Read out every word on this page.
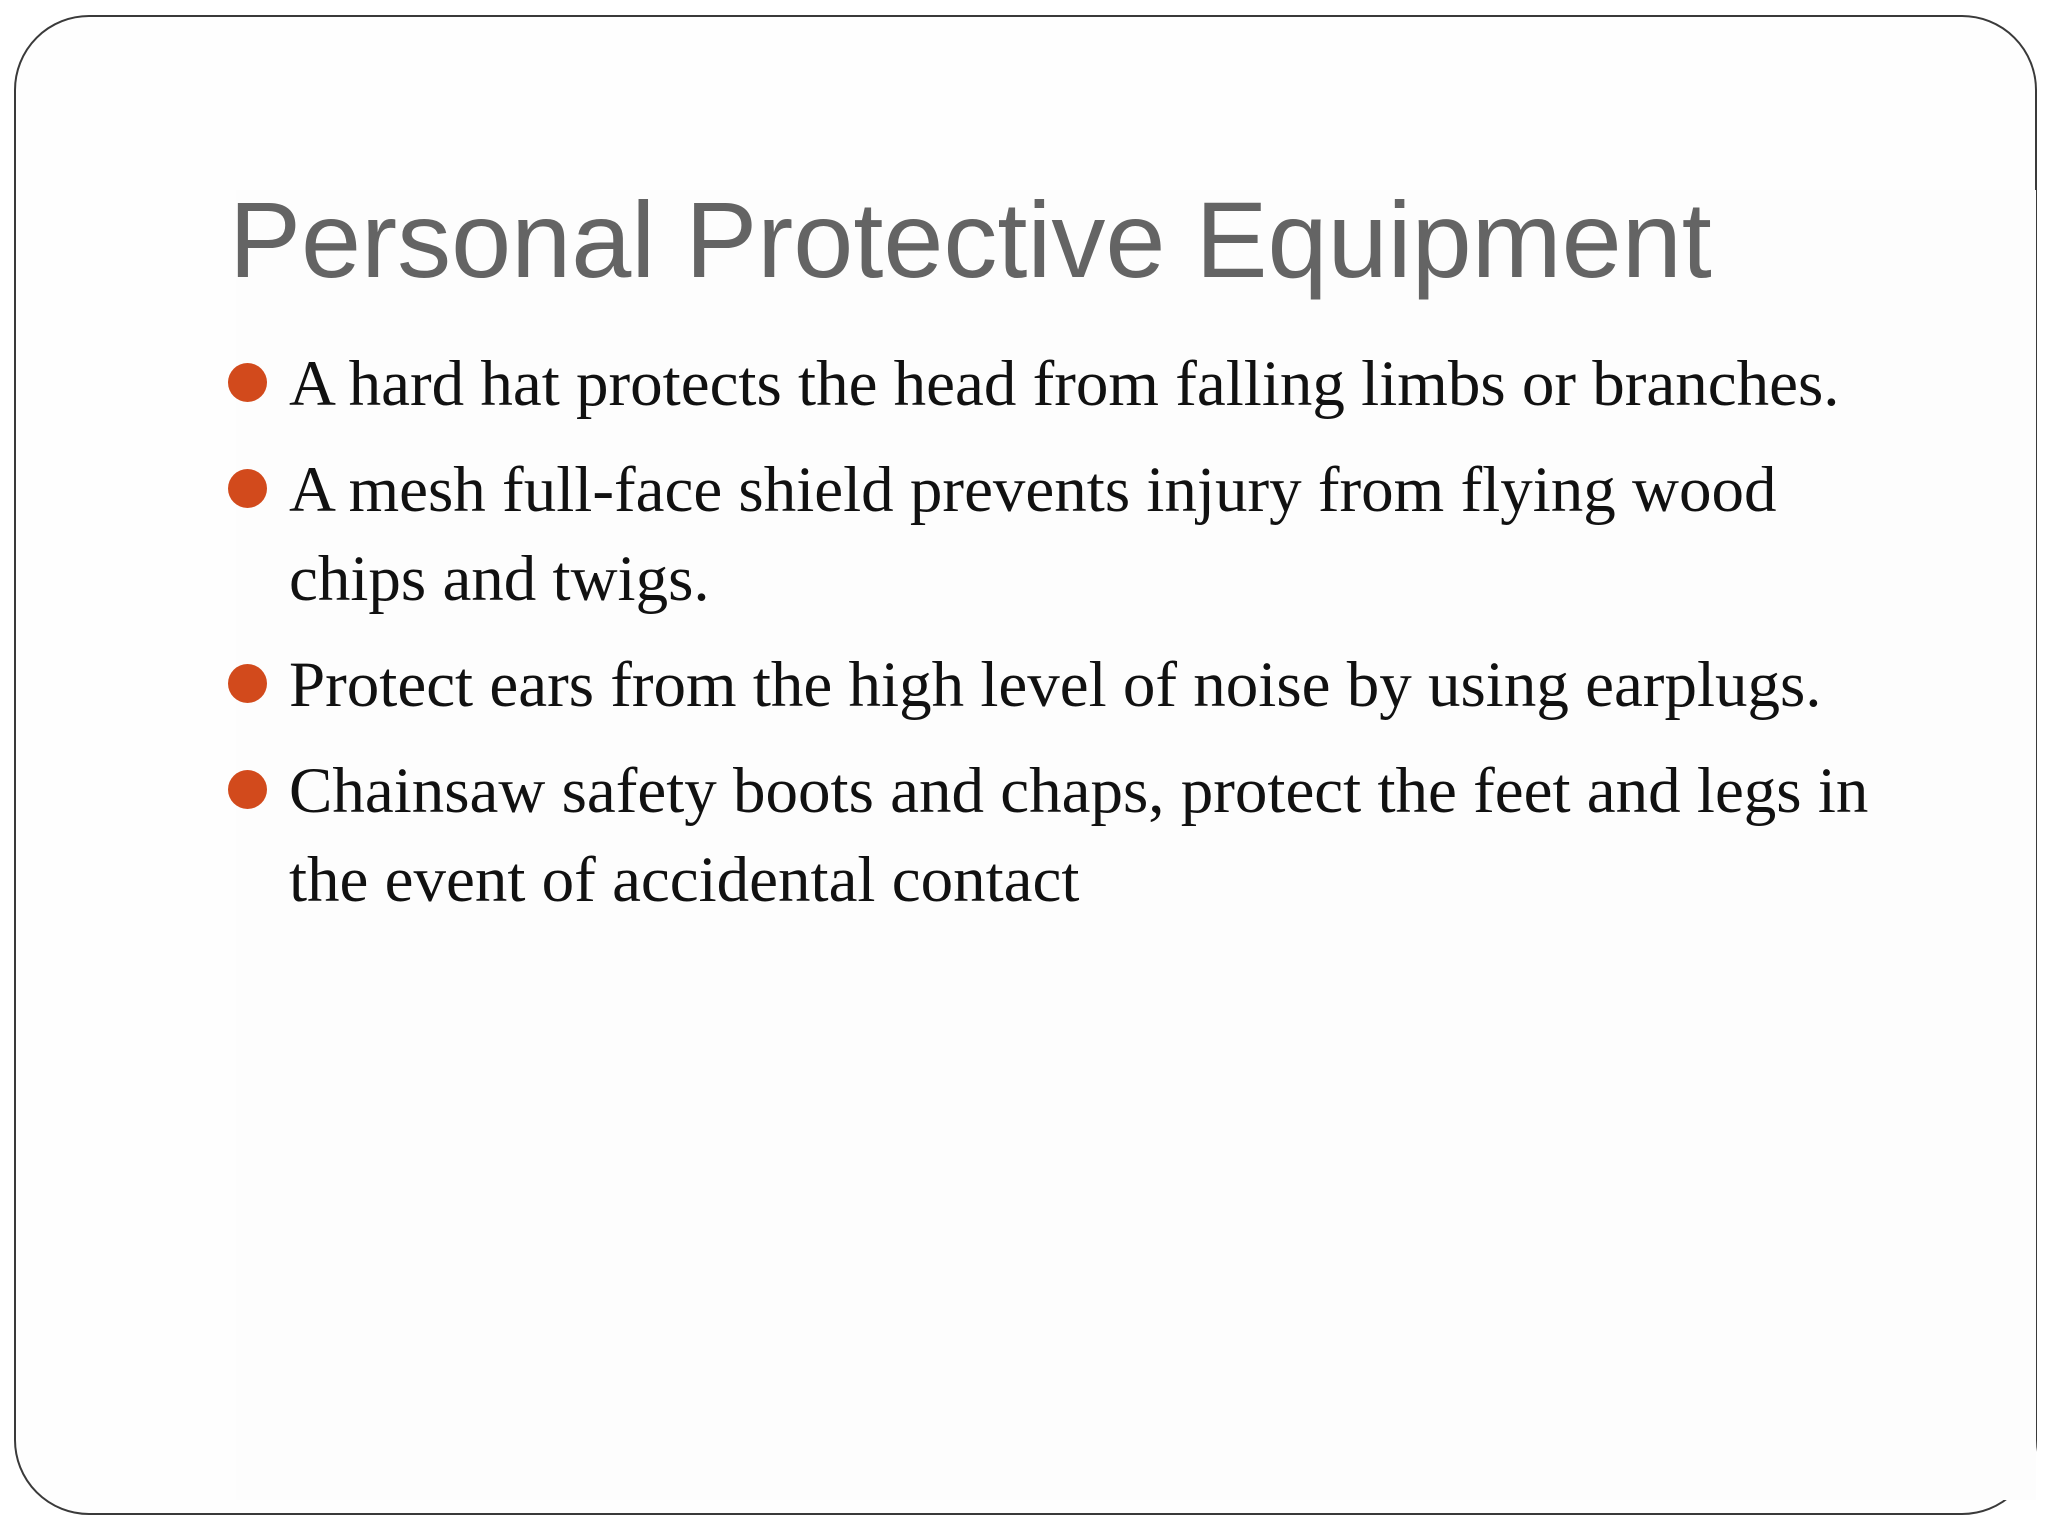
Personal Protective Equipment
A hard hat protects the head from falling limbs or branches.
A mesh full-face shield prevents injury from flying wood chips and twigs.
Protect ears from the high level of noise by using earplugs.
Chainsaw safety boots and chaps, protect the feet and legs in the event of accidental contact
